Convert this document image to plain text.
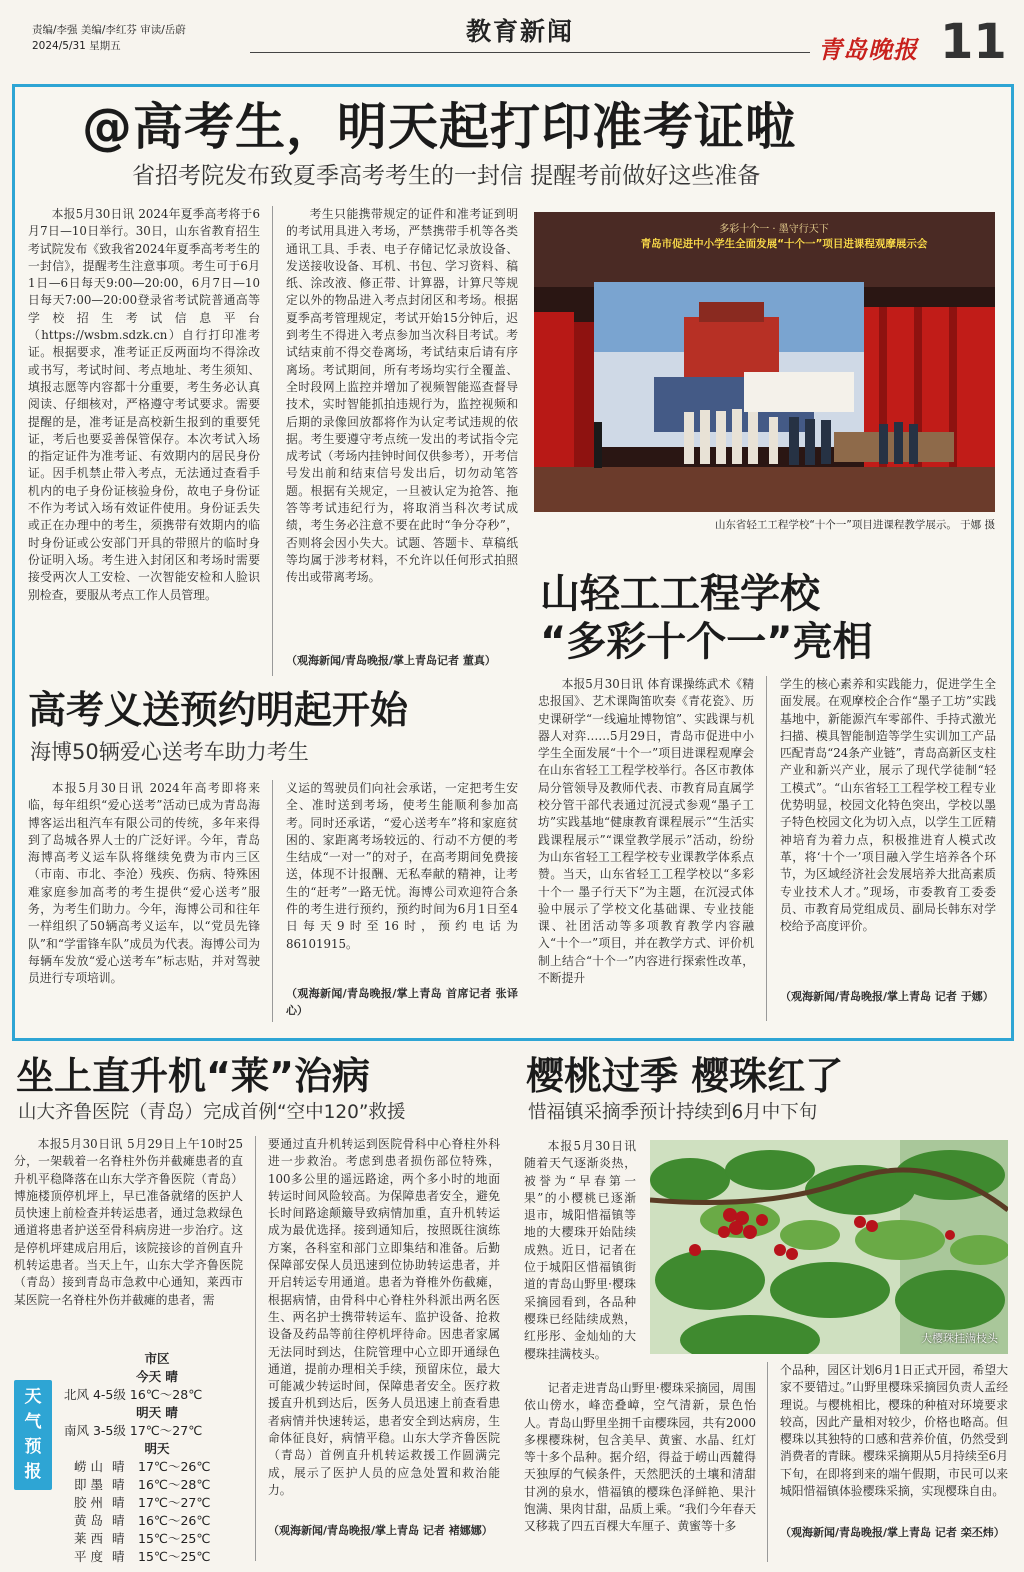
责编/李强 美编/李红芬 审读/岳蔚
2024/5/31 星期五	教育新闻
青岛晚报 11
@高考生，明天起打印准考证啦
省招考院发布致夏季高考考生的一封信 提醒考前做好这些准备
本报5月30日讯 2024年夏季高考将于6月7日—10日举行。30日，山东省教育招生考试院发布《致我省2024年夏季高考考生的一封信》，提醒考生注意事项。考生可于6月1日—6日每天9:00—20:00，6月7日—10日每天7:00—20:00登录省考试院普通高等学校招生考试信息平台（https://wsbm.sdzk.cn）自行打印准考证。根据要求，准考证正反两面均不得涂改或书写，考试时间、考点地址、考生须知、填报志愿等内容都十分重要，考生务必认真阅读、仔细核对，严格遵守考试要求。需要提醒的是，准考证是高校新生报到的重要凭证，考后也要妥善保管保存。本次考试入场的指定证件为准考证、有效期内的居民身份证。因手机禁止带入考点，无法通过查看手机内的电子身份证核验身份，故电子身份证不作为考试入场有效证件使用。身份证丢失或正在办理中的考生，须携带有效期内的临时身份证或公安部门开具的带照片的临时身份证明入场。考生进入封闭区和考场时需要接受两次人工安检、一次智能安检和人脸识别检查，要服从考点工作人员管理。
考生只能携带规定的证件和准考证到明的考试用具进入考场，严禁携带手机等各类通讯工具、手表、电子存储记忆录放设备、发送接收设备、耳机、书包、学习资料、稿纸、涂改液、修正带、计算器，计算尺等规定以外的物品进入考点封闭区和考场。根据夏季高考管理规定，考试开始15分钟后，迟到考生不得进入考点参加当次科目考试。考试结束前不得交卷离场，考试结束后请有序离场。考试期间，所有考场均实行全覆盖、全时段网上监控并增加了视频智能巡查督导技术，实时智能抓拍违规行为，监控视频和后期的录像回放都将作为认定考试违规的依据。考生要遵守考点统一发出的考试指令完成考试（考场内挂钟时间仅供参考），开考信号发出前和结束信号发出后，切勿动笔答题。根据有关规定，一旦被认定为抢答、拖答等考试违纪行为，将取消当科次考试成绩，考生务必注意不要在此时“争分夺秒”，否则将会因小失大。试题、答题卡、草稿纸等均属于涉考材料，不允许以任何形式拍照传出或带离考场。
（观海新闻/青岛晚报/掌上青岛记者 董真）
多彩十个一 · 墨守行天下
青岛市促进中小学生全面发展“十个一”项目进课程观摩展示会
山东省轻工工程学校“十个一”项目进课程教学展示。 于娜 摄
山轻工工程学校
“多彩十个一”亮相
本报5月30日讯 体育课操练武术《精忠报国》、艺术课陶笛吹奏《青花瓷》、历史课研学“一线遍址博物馆”、实践课与机器人对弈……5月29日，青岛市促进中小学生全面发展“十个一”项目进课程观摩会在山东省轻工工程学校举行。各区市教体局分管领导及教师代表、市教育局直属学校分管干部代表通过沉浸式参观“墨子工坊”实践基地“健康教育课程展示”“生活实践课程展示”“课堂教学展示”活动，纷纷为山东省轻工工程学校专业课教学体系点赞。当天，山东省轻工工程学校以“多彩十个一 墨子行天下”为主题，在沉浸式体验中展示了学校文化基础课、专业技能课、社团活动等多项教育教学内容融入“十个一”项目，并在教学方式、评价机制上结合“十个一”内容进行探索性改革，不断提升
学生的核心素养和实践能力，促进学生全面发展。在观摩校企合作“墨子工坊”实践基地中，新能源汽车零部件、手持式激光扫描、模具智能制造等学生实训加工产品匹配青岛“24条产业链”，青岛高新区支柱产业和新兴产业，展示了现代学徒制“轻工模式”。“山东省轻工工程学校工程专业优势明显，校园文化特色突出，学校以墨子特色校园文化为切入点，以学生工匠精神培育为着力点，积极推进育人模式改革，将‘十个一’项目融入学生培养各个环节，为区域经济社会发展培养大批高素质专业技术人才。”现场，市委教育工委委员、市教育局党组成员、副局长韩东对学校给予高度评价。
（观海新闻/青岛晚报/掌上青岛 记者 于娜）
高考义送预约明起开始
海博50辆爱心送考车助力考生
本报5月30日讯 2024年高考即将来临，每年组织“爱心送考”活动已成为青岛海博客运出租汽车有限公司的传统，多年来得到了岛城各界人士的广泛好评。今年，青岛海博高考义运车队将继续免费为市内三区（市南、市北、李沧）残疾、伤病、特殊困难家庭参加高考的考生提供“爱心送考”服务，为考生们助力。今年，海博公司和往年一样组织了50辆高考义运车，以“党员先锋队”和“学雷锋车队”成员为代表。海博公司为每辆车发放“爱心送考车”标志贴，并对驾驶员进行专项培训。
义运的驾驶员们向社会承诺，一定把考生安全、准时送到考场，使考生能顺利参加高考。同时还承诺，“爱心送考车”将和家庭贫困的、家距离考场较远的、行动不方便的考生结成“一对一”的对子，在高考期间免费接送，体现不计报酬、无私奉献的精神，让考生的“赶考”一路无忧。海博公司欢迎符合条件的考生进行预约，预约时间为6月1日至4日每天9时至16时，预约电话为86101915。
（观海新闻/青岛晚报/掌上青岛 首席记者 张译心）
坐上直升机“莱”治病
山大齐鲁医院（青岛）完成首例“空中120”救援
本报5月30日讯 5月29日上午10时25分，一架载着一名脊柱外伤并截瘫患者的直升机平稳降落在山东大学齐鲁医院（青岛）博施楼顶停机坪上，早已准备就绪的医护人员快速上前检查并转运患者，通过急救绿色通道将患者护送至骨科病房进一步治疗。这是停机坪建成启用后，该院接诊的首例直升机转运患者。当天上午，山东大学齐鲁医院（青岛）接到青岛市急救中心通知，莱西市某医院一名脊柱外伤并截瘫的患者，需
要通过直升机转运到医院骨科中心脊柱外科进一步救治。考虑到患者损伤部位特殊，100多公里的遥远路途，两个多小时的地面转运时间风险较高。为保障患者安全，避免长时间路途颠簸导致病情加重，直升机转运成为最优选择。接到通知后，按照既往演练方案，各科室和部门立即集结和准备。后勤保障部安保人员迅速到位协助转运患者，并开启转运专用通道。患者为脊椎外伤截瘫，根据病情，由骨科中心脊柱外科派出两名医生、两名护士携带转运车、监护设备、抢救设备及药品等前往停机坪待命。因患者家属无法同时到达，住院管理中心立即开通绿色通道，提前办理相关手续，预留床位，最大可能减少转运时间，保障患者安全。医疗救援直升机到达后，医务人员迅速上前查看患者病情并快速转运，患者安全到达病房，生命体征良好，病情平稳。山东大学齐鲁医院（青岛）首例直升机转运救援工作圆满完成，展示了医护人员的应急处置和救治能力。
（观海新闻/青岛晚报/掌上青岛 记者 褚娜娜）
天气预报
市区
今天 晴
北风 4-5级 16℃～28℃
明天 晴
南风 3-5级 17℃～27℃
明天
崂 山 晴 17℃～26℃
即 墨 晴 16℃～28℃
胶 州 晴 17℃～27℃
黄 岛 晴 16℃～26℃
莱 西 晴 15℃～25℃
平 度 晴 15℃～25℃
樱桃过季 樱珠红了
惜福镇采摘季预计持续到6月中下旬
本报5月30日讯 随着天气逐渐炎热，被誉为“早春第一果”的小樱桃已逐渐退市，城阳惜福镇等地的大樱珠开始陆续成熟。近日，记者在位于城阳区惜福镇街道的青岛山野里·樱珠采摘园看到，各品种樱珠已经陆续成熟，红彤彤、金灿灿的大樱珠挂满枝头。
大樱珠挂满枝头
记者走进青岛山野里·樱珠采摘园，周围依山傍水，峰峦叠嶂，空气清新，景色怡人。青岛山野里坐拥千亩樱珠园，共有2000多棵樱珠树，包含美早、黄蜜、水晶、红灯等十多个品种。据介绍，得益于崂山西麓得天独厚的气候条件，天然肥沃的土壤和清甜甘冽的泉水，惜福镇的樱珠色泽鲜艳、果汁饱满、果肉甘甜，品质上乘。“我们今年春天又移栽了四五百棵大车厘子、黄蜜等十多
个品种，园区计划6月1日正式开园，希望大家不要错过。”山野里樱珠采摘园负责人孟经理说。与樱桃相比，樱珠的种植对环境要求较高，因此产量相对较少，价格也略高。但樱珠以其独特的口感和营养价值，仍然受到消费者的青睐。樱珠采摘期从5月持续至6月下旬，在即将到来的端午假期，市民可以来城阳惜福镇体验樱珠采摘，实现樱珠自由。
（观海新闻/青岛晚报/掌上青岛 记者 栾丕炜）
